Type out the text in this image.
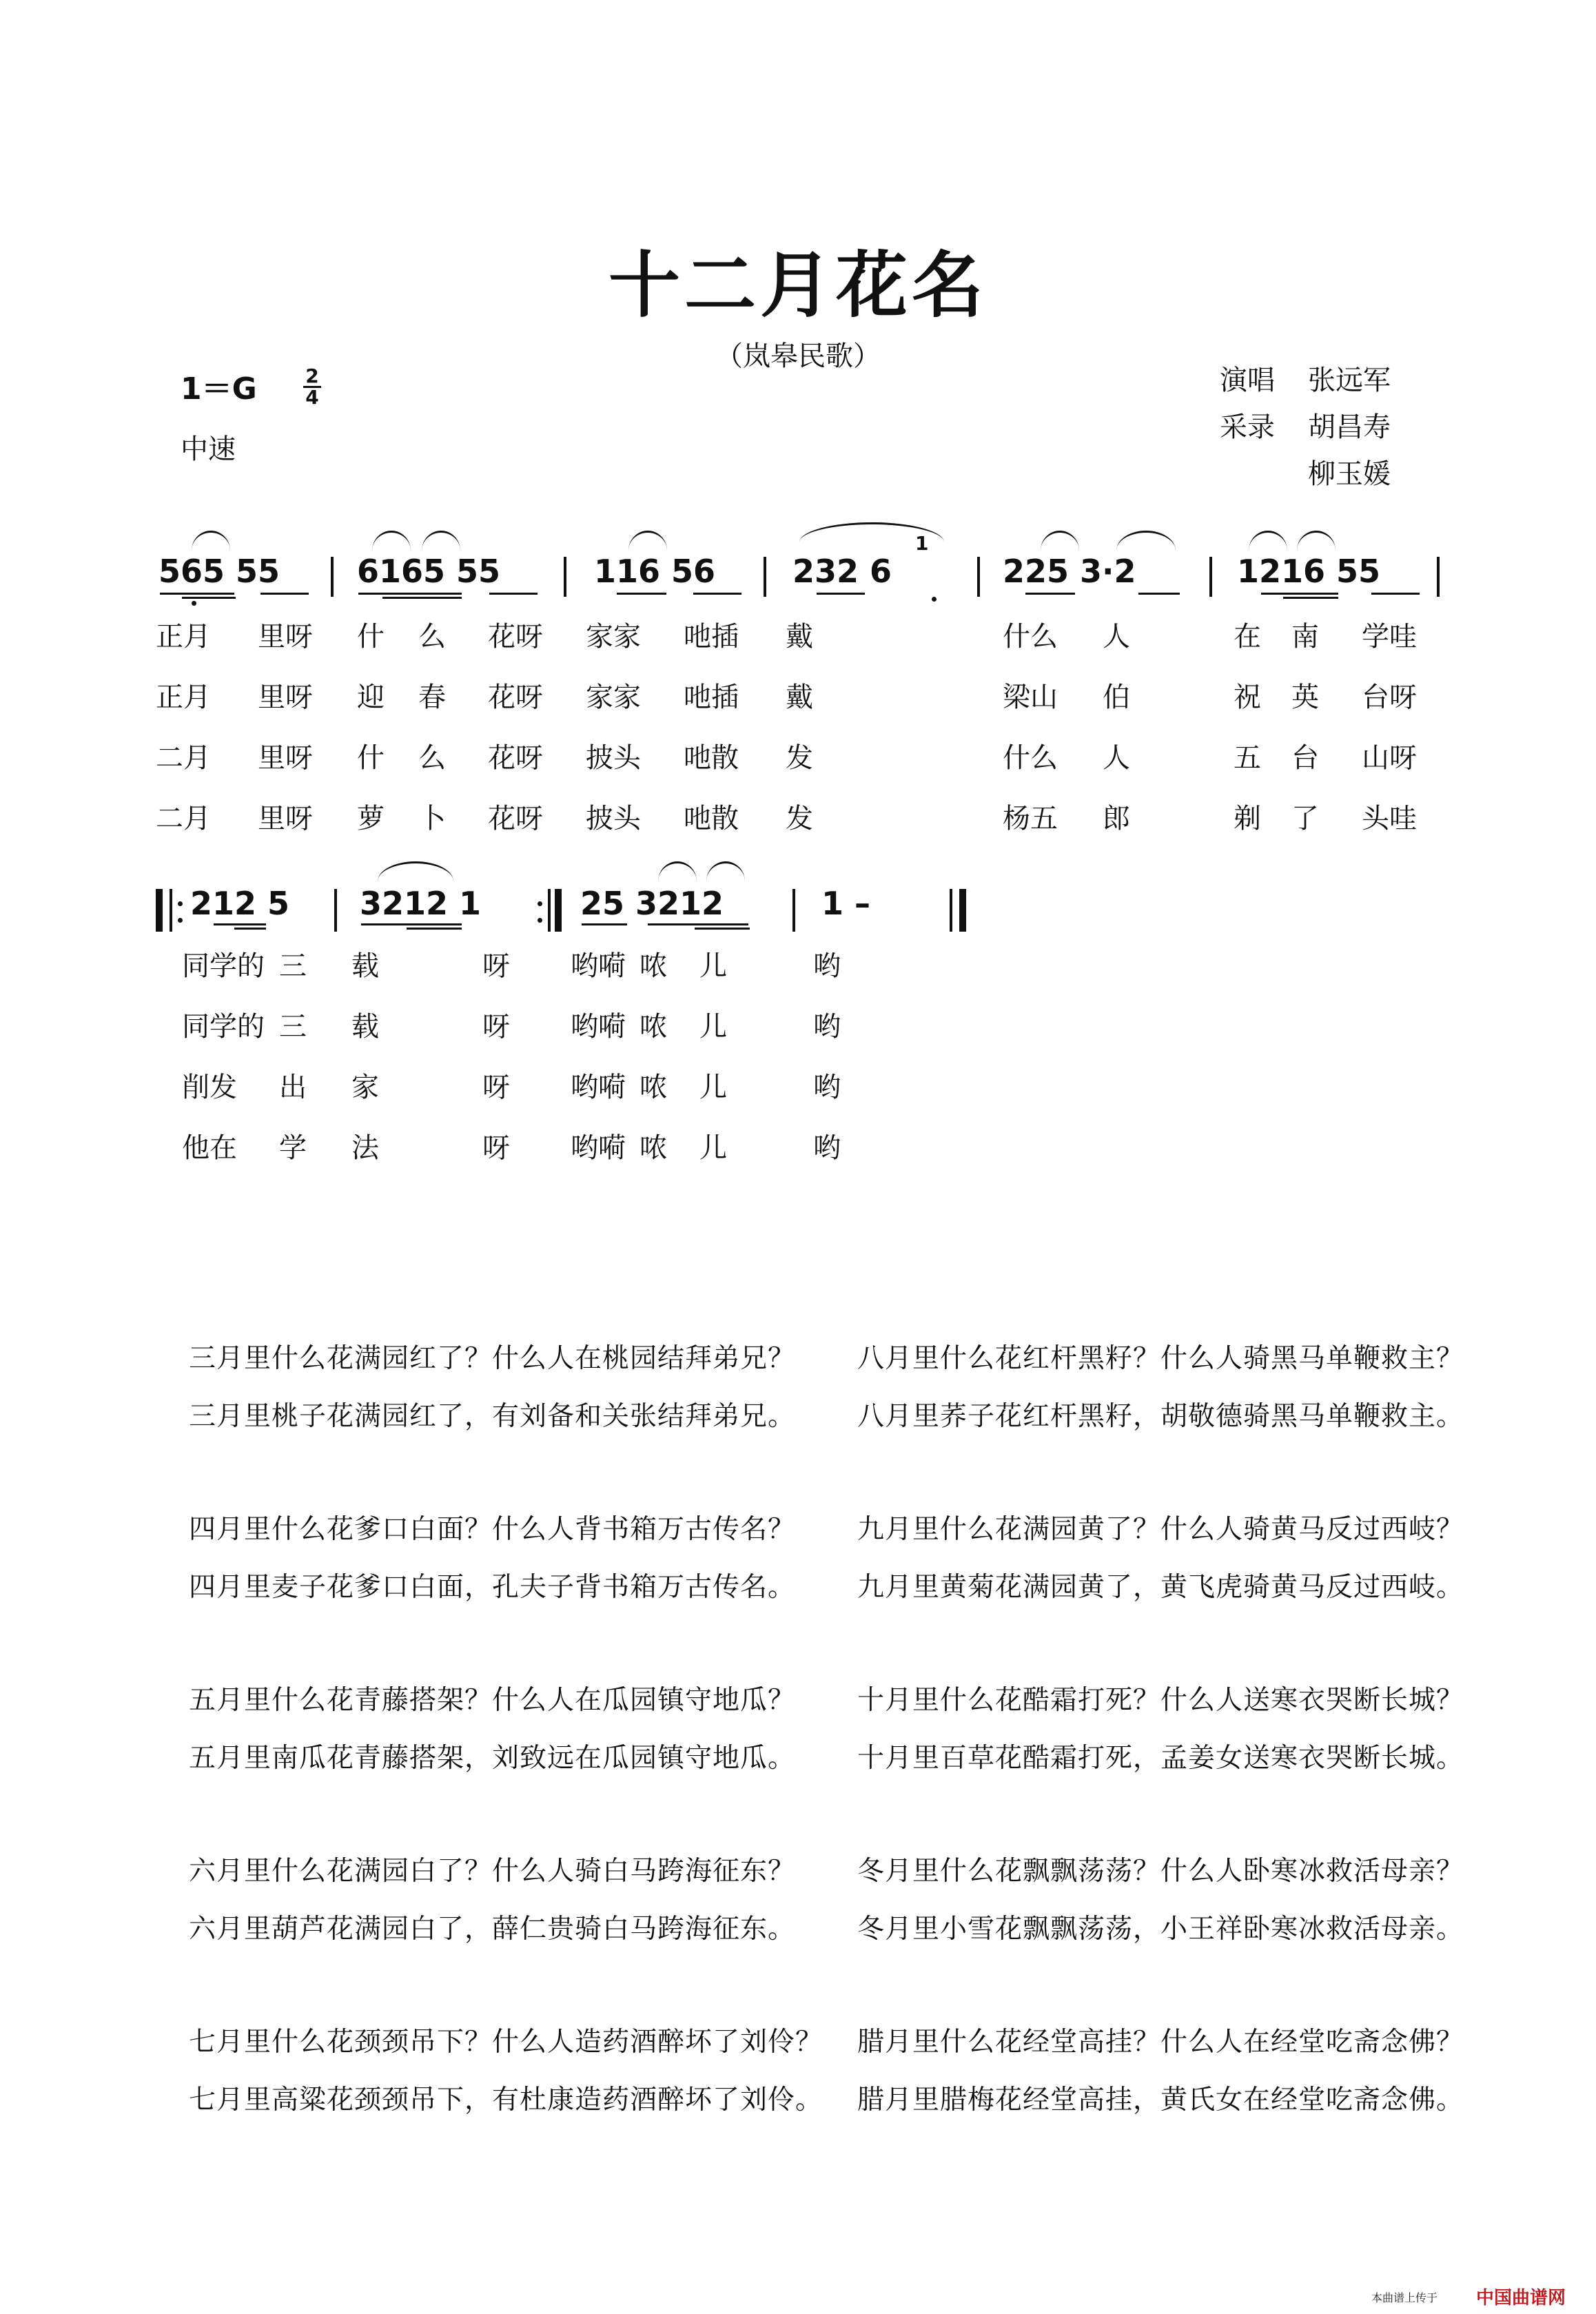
十二月花名
（岚皋民歌）
1＝G	2
4
中速
演唱	张远军
采录	胡昌寿
柳玉媛
565 55 6165 55	116 56 232 6
1
225 3·2	1216 55
正月 里呀 什 么 花呀 家家 吔插 戴	什么 人	在 南 学哇
正月 里呀 迎 春 花呀 家家 吔插 戴	梁山 伯	祝 英 台呀
二月 里呀 什 么 花呀 披头 吔散 发	什么 人	五 台 山呀
二月 里呀 萝 卜 花呀 披头 吔散 发	杨五 郎	剃 了 头哇
212 5 3212 1	25 3212	1 –
同学的 三 载	呀 哟嗬 哝 儿	哟
同学的 三 载	呀 哟嗬 哝 儿	哟
削发 出 家	呀 哟嗬 哝 儿	哟
他在 学 法	呀 哟嗬 哝 儿	哟
三月里什么花满园红了？什么人在桃园结拜弟兄？
三月里桃子花满园红了，有刘备和关张结拜弟兄。
四月里什么花爹口白面？什么人背书箱万古传名？
四月里麦子花爹口白面，孔夫子背书箱万古传名。
五月里什么花青藤搭架？什么人在瓜园镇守地瓜？
五月里南瓜花青藤搭架，刘致远在瓜园镇守地瓜。
六月里什么花满园白了？什么人骑白马跨海征东？
六月里葫芦花满园白了，薛仁贵骑白马跨海征东。
七月里什么花颈颈吊下？什么人造药酒醉坏了刘伶？
七月里高粱花颈颈吊下，有杜康造药酒醉坏了刘伶。
八月里什么花红杆黑籽？什么人骑黑马单鞭救主？
八月里荞子花红杆黑籽，胡敬德骑黑马单鞭救主。
九月里什么花满园黄了？什么人骑黄马反过西岐？
九月里黄菊花满园黄了，黄飞虎骑黄马反过西岐。
十月里什么花酷霜打死？什么人送寒衣哭断长城？
十月里百草花酷霜打死，孟姜女送寒衣哭断长城。
冬月里什么花飘飘荡荡？什么人卧寒冰救活母亲？
冬月里小雪花飘飘荡荡，小王祥卧寒冰救活母亲。
腊月里什么花经堂高挂？什么人在经堂吃斋念佛？
腊月里腊梅花经堂高挂，黄氏女在经堂吃斋念佛。
本曲谱上传于 中国曲谱网
